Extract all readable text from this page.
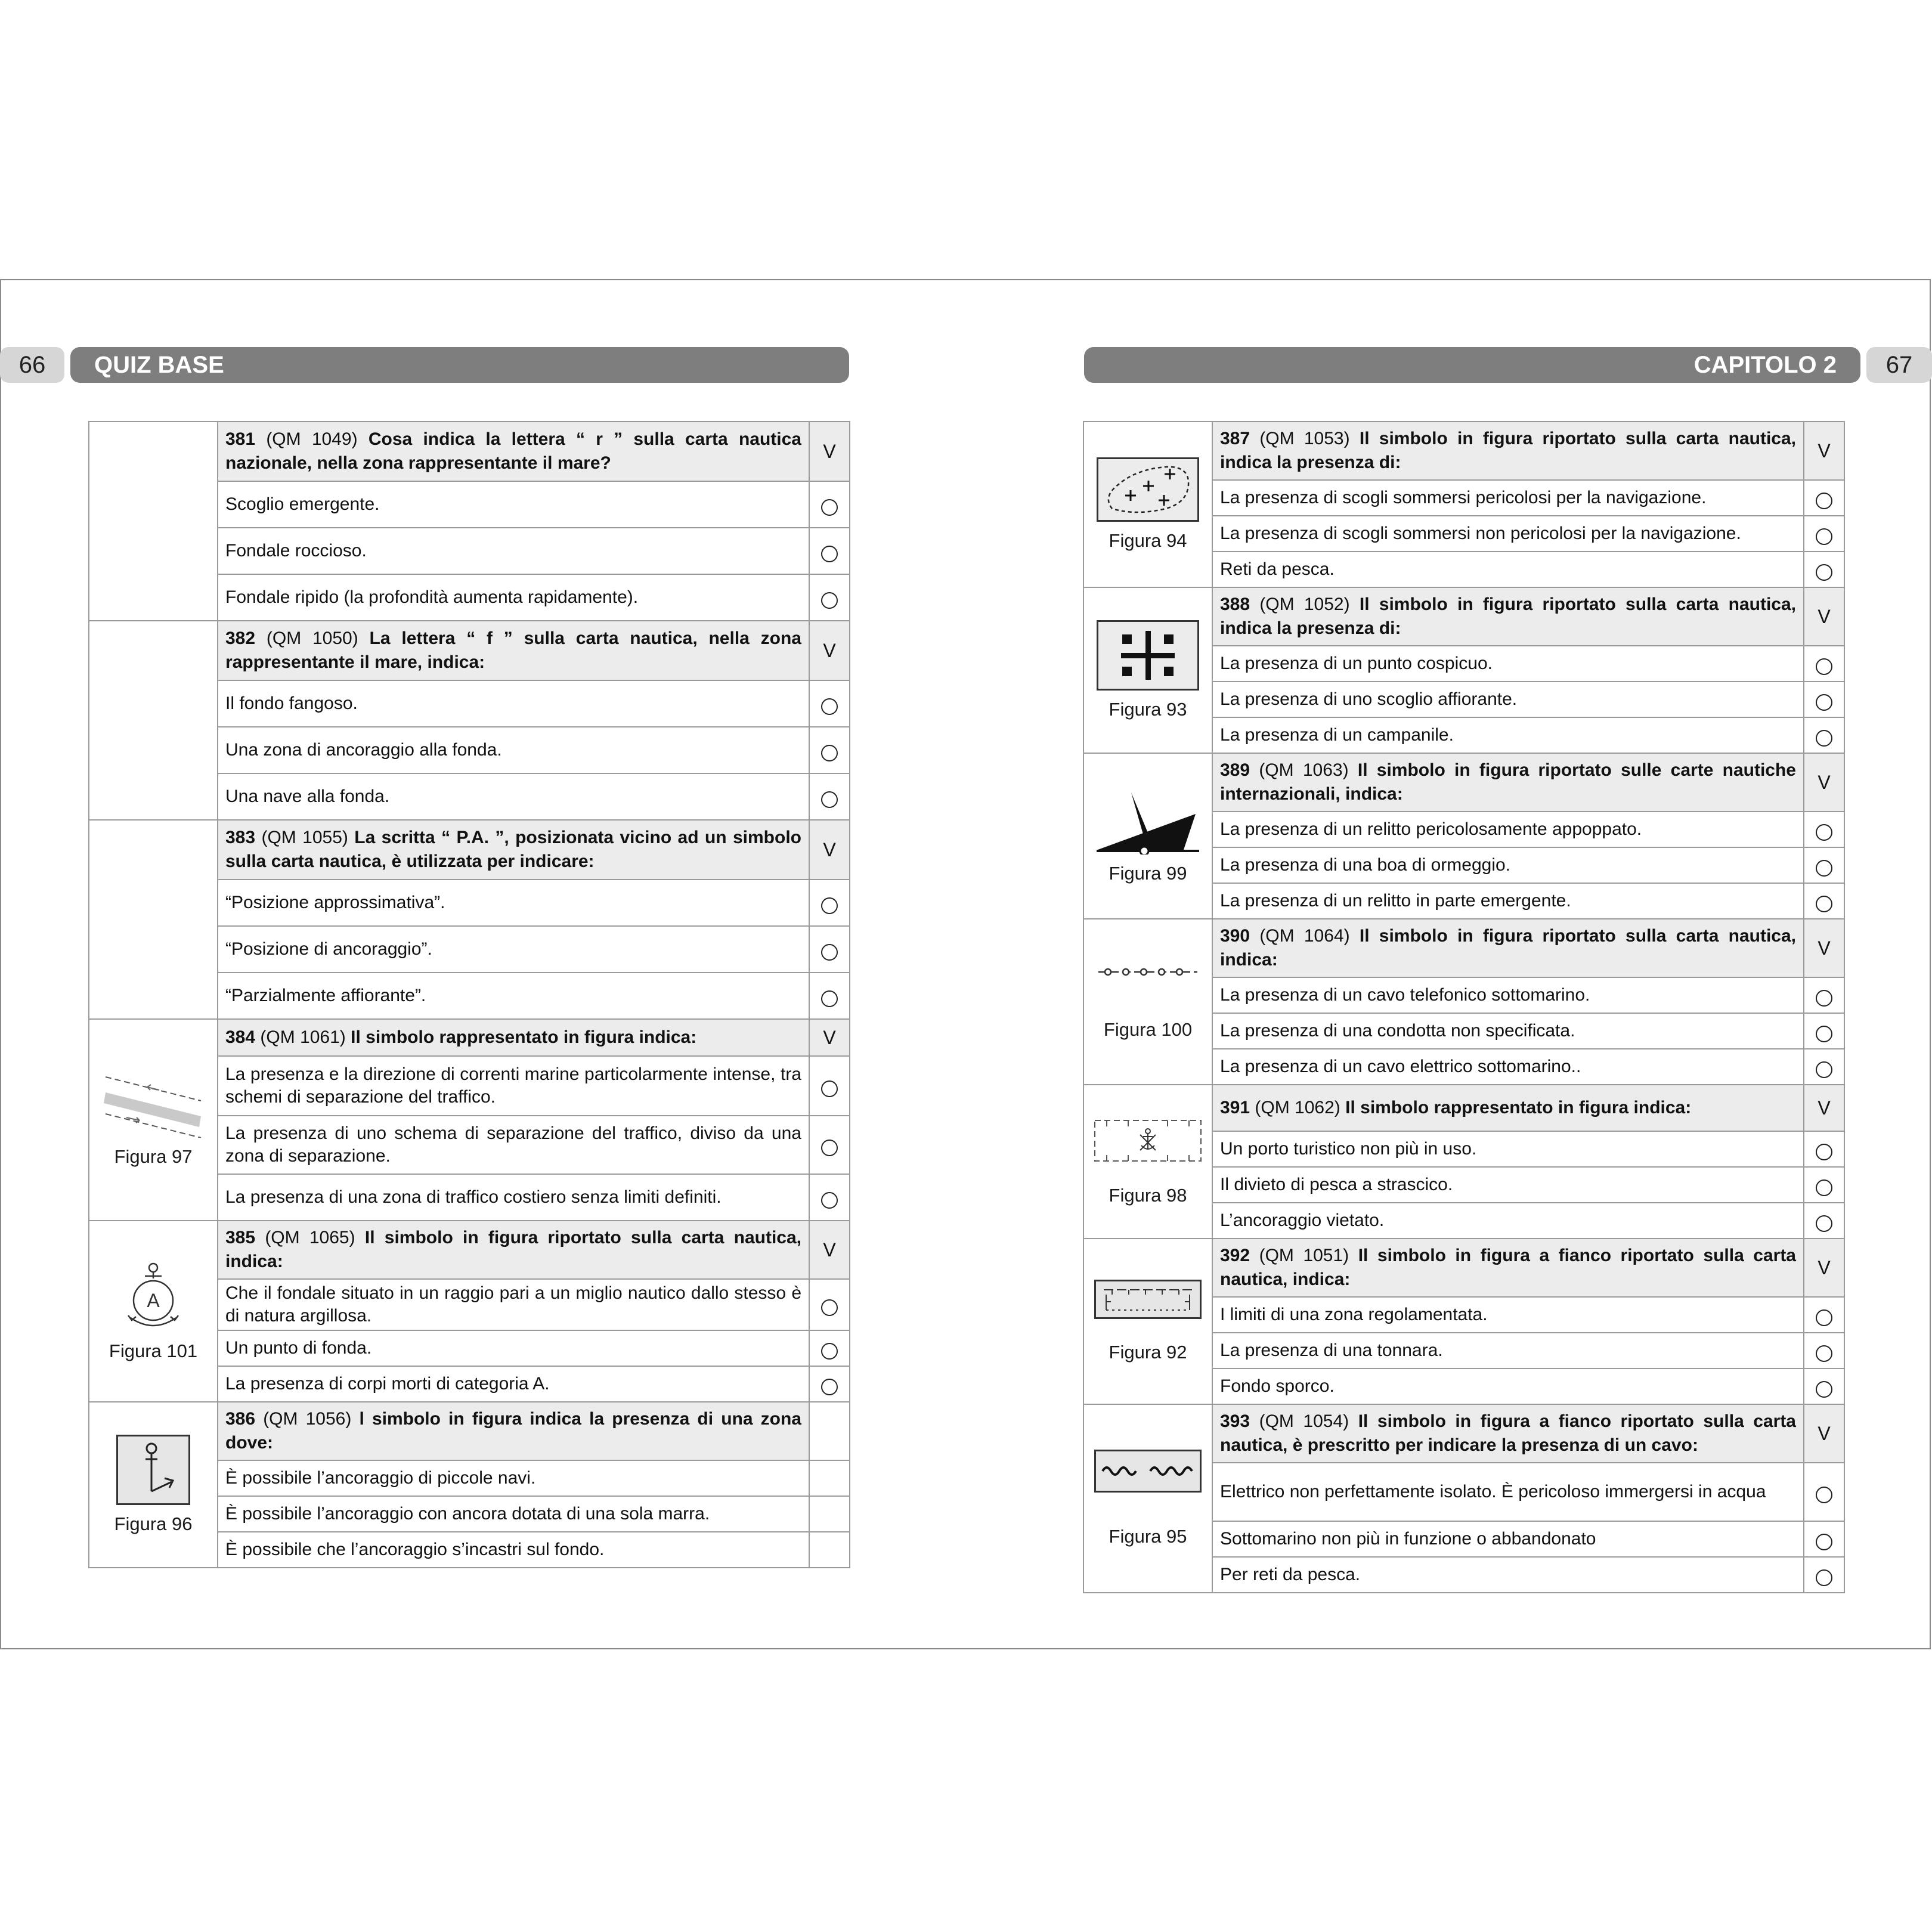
66	QUIZ BASE	CAPITOLO 2	67
	381 (QM 1049) Cosa indica la lettera “ r ” sulla carta nautica nazionale, nella zona rappresentante il mare?	V
	Scoglio emergente.	
	Fondale roccioso.	
	Fondale ripido (la profondità aumenta rapidamente).	
	382 (QM 1050) La lettera “ f ” sulla carta nautica, nella zona rappresentante il mare, indica:	V
	Il fondo fangoso.	
	Una zona di ancoraggio alla fonda.	
	Una nave alla fonda.	
	383 (QM 1055) La scritta “ P.A. ”, posizionata vicino ad un simbolo sulla carta nautica, è utilizzata per indicare:	V
	“Posizione approssimativa”.	
	“Posizione di ancoraggio”.	
	“Parzialmente affiorante”.	

Figura 97	384 (QM 1061) Il simbolo rappresentato in figura indica:	V
	La presenza e la direzione di correnti marine particolarmente intense, tra schemi di separazione del traffico.	
	La presenza di uno schema di separazione del traffico, diviso da una zona di separazione.	
	La presenza di una zona di traffico costiero senza limiti definiti.	

A
Figura 101	385 (QM 1065) Il simbolo in figura riportato sulla carta nautica, indica:	V
	Che il fondale situato in un raggio pari a un miglio nautico dallo stesso è di natura argillosa.	
	Un punto di fonda.	
	La presenza di corpi morti di categoria A.	

Figura 96	386 (QM 1056) l simbolo in figura indica la presenza di una zona dove:	
	È possibile l’ancoraggio di piccole navi.	
	È possibile l’ancoraggio con ancora dotata di una sola marra.	
	È possibile che l’ancoraggio s’incastri sul fondo.	
Figura 94	387 (QM 1053) Il simbolo in figura riportato sulla carta nautica, indica la presenza di:	V
	La presenza di scogli sommersi pericolosi per la navigazione.	
	La presenza di scogli sommersi non pericolosi per la navigazione.	
	Reti da pesca.	

Figura 93	388 (QM 1052) Il simbolo in figura riportato sulla carta nautica, indica la presenza di:	V
	La presenza di un punto cospicuo.	
	La presenza di uno scoglio affiorante.	
	La presenza di un campanile.	

Figura 99	389 (QM 1063) Il simbolo in figura riportato sulle carte nautiche internazionali, indica:	V
	La presenza di un relitto pericolosamente appoppato.	
	La presenza di una boa di ormeggio.	
	La presenza di un relitto in parte emergente.	

Figura 100	390 (QM 1064) Il simbolo in figura riportato sulla carta nautica, indica:	V
	La presenza di un cavo telefonico sottomarino.	
	La presenza di una condotta non specificata.	
	La presenza di un cavo elettrico sottomarino..	

Figura 98	391 (QM 1062) Il simbolo rappresentato in figura indica:	V
	Un porto turistico non più in uso.	
	Il divieto di pesca a strascico.	
	L’ancoraggio vietato.	

Figura 92	392 (QM 1051) Il simbolo in figura a fianco riportato sulla carta nautica, indica:	V
	I limiti di una zona regolamentata.	
	La presenza di una tonnara.	
	Fondo sporco.	

Figura 95	393 (QM 1054) Il simbolo in figura a fianco riportato sulla carta nautica, è prescritto per indicare la presenza di un cavo:	V
	Elettrico non perfettamente isolato. È pericoloso immergersi in acqua	
	Sottomarino non più in funzione o abbandonato	
	Per reti da pesca.	
